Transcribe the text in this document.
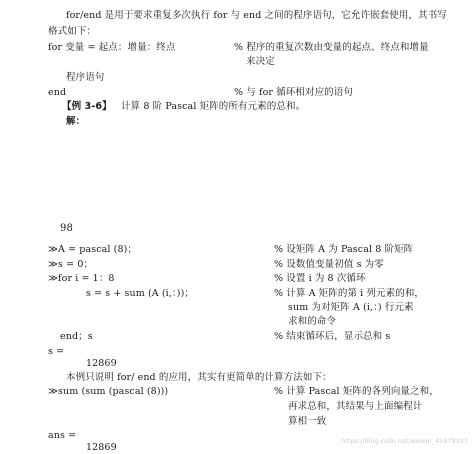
for/end 是用于要求重复多次执行 for 与 end 之间的程序语句，它允许嵌套使用，其书写
格式如下：
for 变量 = 起点：增量：终点	% 程序的重复次数由变量的起点、终点和增量
来决定
程序语句
end	% 与 for 循环相对应的语句
【例 3-6】 计算 8 阶 Pascal 矩阵的所有元素的总和。
解：
98
≫A = pascal (8)；	% 设矩阵 A 为 Pascal 8 阶矩阵
≫s = 0；	% 设数值变量初值 s 为零
≫for i = 1：8	% 设置 i 为 8 次循环
s = s + sum (A (i,：))；	% 计算 A 矩阵的第 i 列元素的和，
sum 为对矩阵 A (i,：) 行元素
求和的命令
end；s	% 结束循环后，显示总和 s
s =
12869
本例只说明 for/ end 的应用，其实有更简单的计算方法如下：
≫sum (sum (pascal (8)))	% 计算 Pascal 矩阵的各列向量之和，
再求总和，其结果与上面编程计
算相一致
ans =
12869
https://blog.csdn.net/weixin_45979327
